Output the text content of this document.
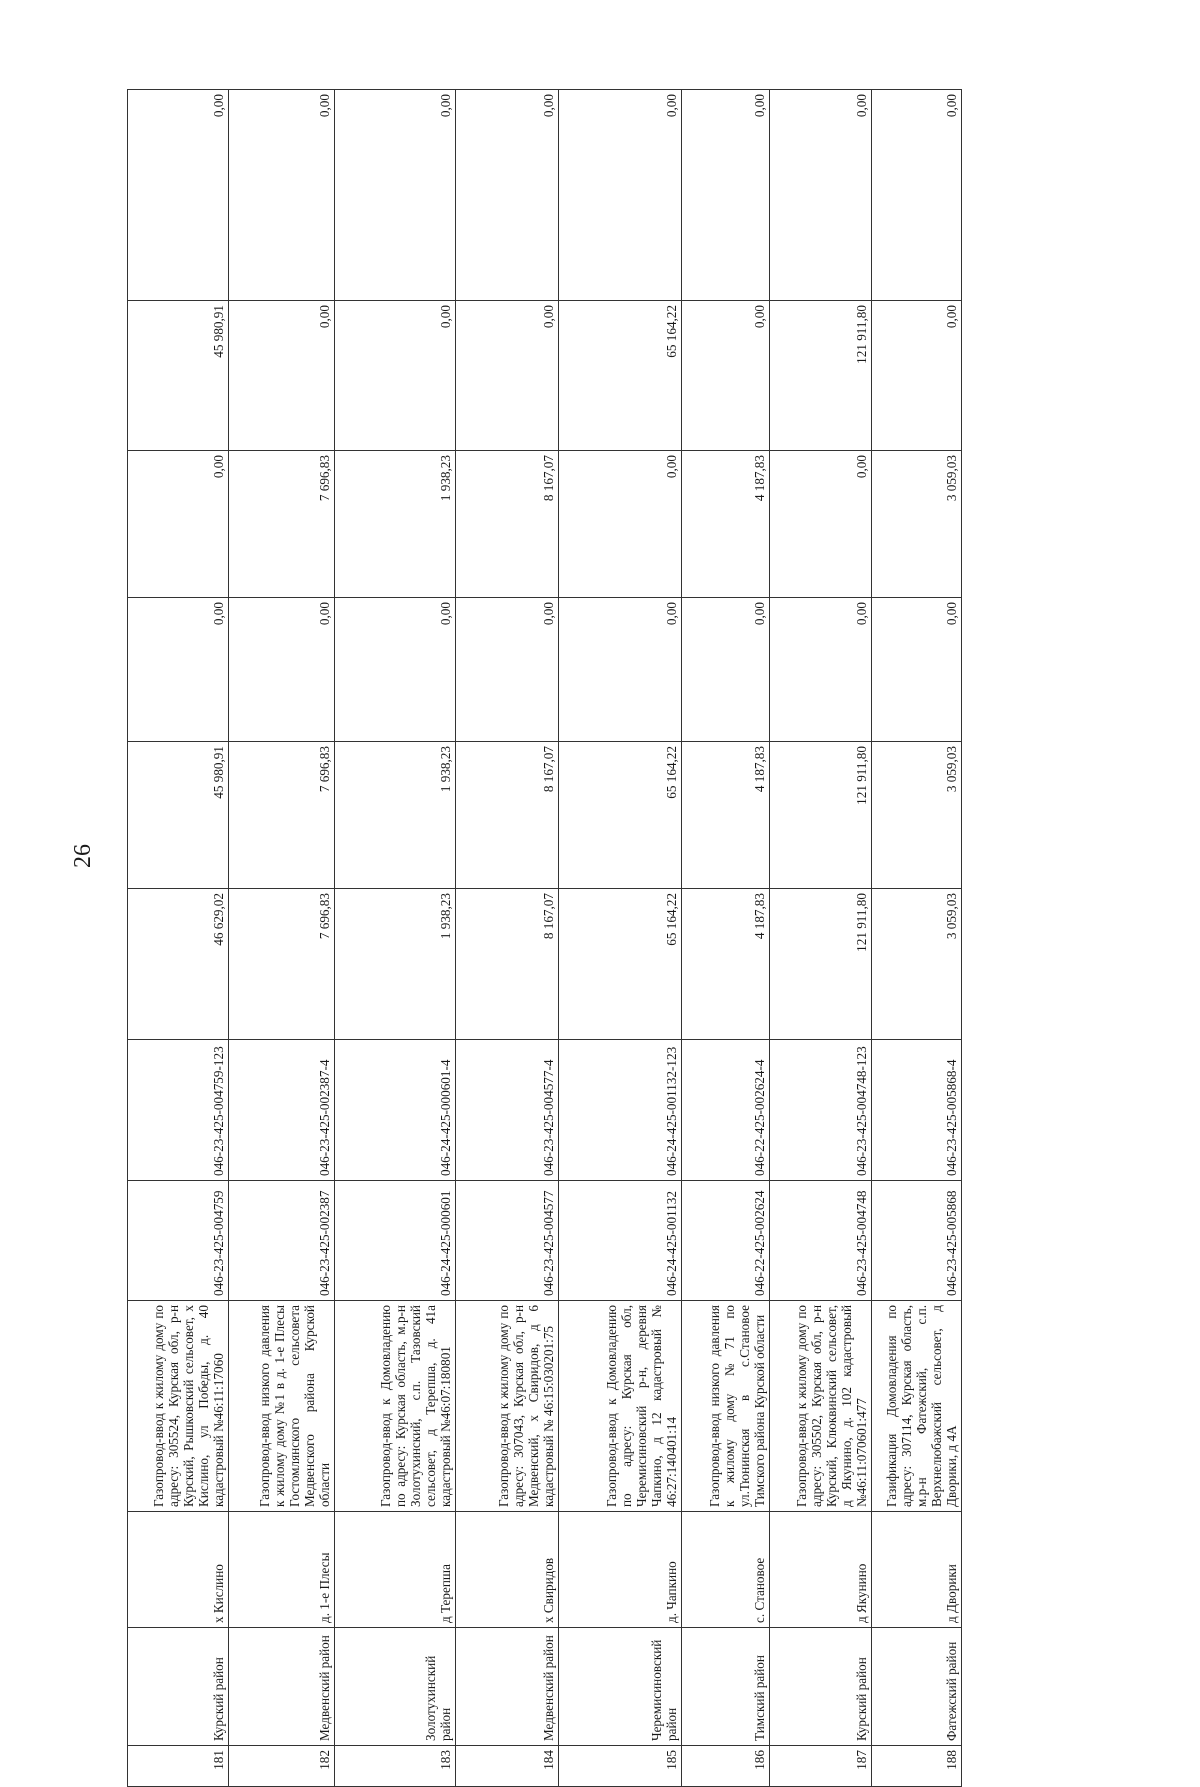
26
181	Курский район	х Кислино	Газопровод-ввод к жилому дому по адресу: 305524, Курская обл, р-н Курский, Рышковский сельсовет, х Кислино, ул Победы, д. 40 кадастровый №46:11:17060	046-23-425-004759	046-23-425-004759-123	46 629,02	45 980,91	0,00	0,00	45 980,91	0,00
182	Медвенский район	д. 1-е Плесы	Газопровод-ввод низкого давления к жилому дому №1 в д. 1-е Плесы Гостомлянского сельсовета Медвенского района Курской области	046-23-425-002387	046-23-425-002387-4	7 696,83	7 696,83	0,00	7 696,83	0,00	0,00
183	Золотухинский район	д Терепша	Газопровод-ввод к Домовладению по адресу: Курская область, м.р-н Золотухинский, с.п. Тазовский сельсовет, д Терепша, д. 41а кадастровый №46:07:180801	046-24-425-000601	046-24-425-000601-4	1 938,23	1 938,23	0,00	1 938,23	0,00	0,00
184	Медвенский район	х Свиридов	Газопровод-ввод к жилому дому по адресу: 307043, Курская обл, р-н Медвенский, х Свиридов, д 6 кадастровый № 46:15:030201:75	046-23-425-004577	046-23-425-004577-4	8 167,07	8 167,07	0,00	8 167,07	0,00	0,00
185	Черемисиновский район	д. Чапкино	Газопровод-ввод к Домовладению по адресу: Курская обл, Черемисиновский р-н, деревня Чапкино, д 12 кадастровый № 46:27:140401:14	046-24-425-001132	046-24-425-001132-123	65 164,22	65 164,22	0,00	0,00	65 164,22	0,00
186	Тимский район	с. Становое	Газопровод-ввод низкого давления к жилому дому №71 по ул.Тюнинская в с.Становое Тимского района Курской области	046-22-425-002624	046-22-425-002624-4	4 187,83	4 187,83	0,00	4 187,83	0,00	0,00
187	Курский район	д Якунино	Газопровод-ввод к жилому дому по адресу: 305502, Курская обл, р-н Курский, Клюквинский сельсовет, д Якунино, д. 102 кадастровый №46:11:070601:477	046-23-425-004748	046-23-425-004748-123	121 911,80	121 911,80	0,00	0,00	121 911,80	0,00
188	Фатежский район	д Дворики	Газификация Домовладения по адресу: 307114, Курская область, м.р-н Фатежский, с.п. Верхнелюбажский сельсовет, д Дворики, д 4А	046-23-425-005868	046-23-425-005868-4	3 059,03	3 059,03	0,00	3 059,03	0,00	0,00
